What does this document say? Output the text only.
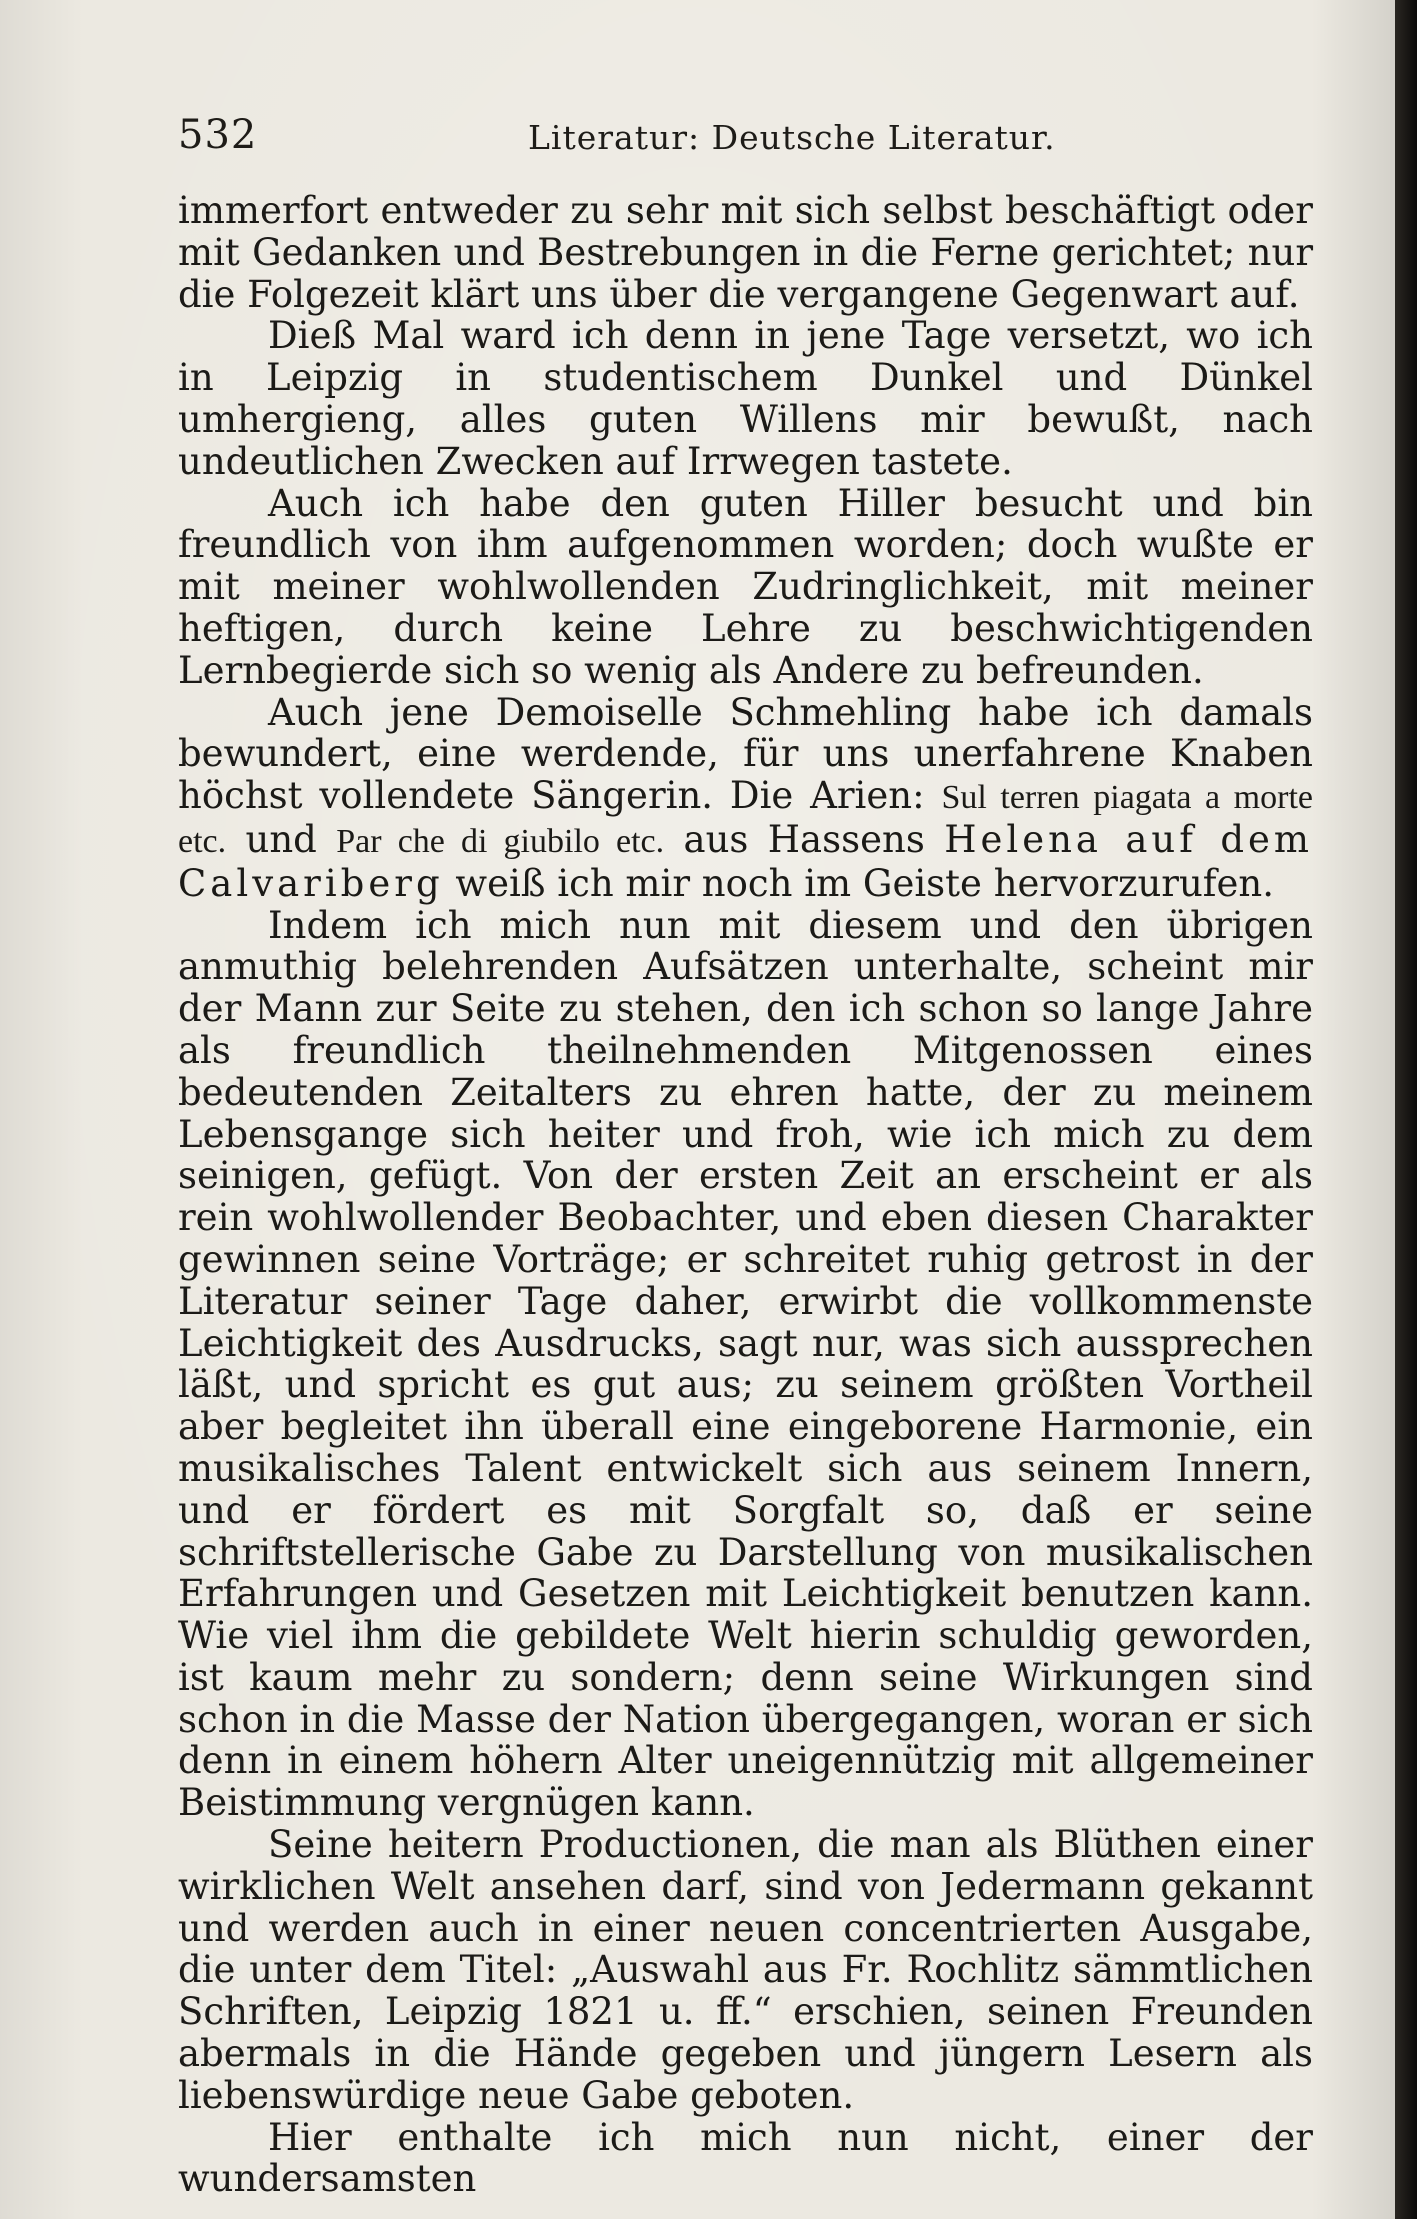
532	Literatur: Deutsche Literatur.

immerfort entweder zu sehr mit sich selbst beschäftigt oder mit Gedanken und Bestrebungen in die Ferne gerichtet; nur die Folgezeit klärt uns über die vergangene Gegenwart auf.

Dieß Mal ward ich denn in jene Tage versetzt, wo ich in Leipzig in studentischem Dunkel und Dünkel umhergieng, alles guten Willens mir bewußt, nach undeutlichen Zwecken auf Irrwegen tastete.

Auch ich habe den guten Hiller besucht und bin freundlich von ihm aufgenommen worden; doch wußte er mit meiner wohlwollenden Zudringlichkeit, mit meiner heftigen, durch keine Lehre zu beschwichtigenden Lernbegierde sich so wenig als Andere zu befreunden.

Auch jene Demoiselle Schmehling habe ich damals bewundert, eine werdende, für uns unerfahrene Knaben höchst vollendete Sängerin. Die Arien: Sul terren piagata a morte etc. und Par che di giubilo etc. aus Hassens Helena auf dem Calvariberg weiß ich mir noch im Geiste hervorzurufen.

Indem ich mich nun mit diesem und den übrigen anmuthig belehrenden Aufsätzen unterhalte, scheint mir der Mann zur Seite zu stehen, den ich schon so lange Jahre als freundlich theilnehmenden Mitgenossen eines bedeutenden Zeitalters zu ehren hatte, der zu meinem Lebensgange sich heiter und froh, wie ich mich zu dem seinigen, gefügt. Von der ersten Zeit an erscheint er als rein wohlwollender Beobachter, und eben diesen Charakter gewinnen seine Vorträge; er schreitet ruhig getrost in der Literatur seiner Tage daher, erwirbt die vollkommenste Leichtigkeit des Ausdrucks, sagt nur, was sich aussprechen läßt, und spricht es gut aus; zu seinem größten Vortheil aber begleitet ihn überall eine eingeborene Harmonie, ein musikalisches Talent entwickelt sich aus seinem Innern, und er fördert es mit Sorgfalt so, daß er seine schriftstellerische Gabe zu Darstellung von musikalischen Erfahrungen und Gesetzen mit Leichtigkeit benutzen kann. Wie viel ihm die gebildete Welt hierin schuldig geworden, ist kaum mehr zu sondern; denn seine Wirkungen sind schon in die Masse der Nation übergegangen, woran er sich denn in einem höhern Alter uneigennützig mit allgemeiner Beistimmung vergnügen kann.

Seine heitern Productionen, die man als Blüthen einer wirklichen Welt ansehen darf, sind von Jedermann gekannt und werden auch in einer neuen concentrierten Ausgabe, die unter dem Titel: „Auswahl aus Fr. Rochlitz sämmtlichen Schriften, Leipzig 1821 u. ff.“ erschien, seinen Freunden abermals in die Hände gegeben und jüngern Lesern als liebenswürdige neue Gabe geboten.

Hier enthalte ich mich nun nicht, einer der wundersamsten
